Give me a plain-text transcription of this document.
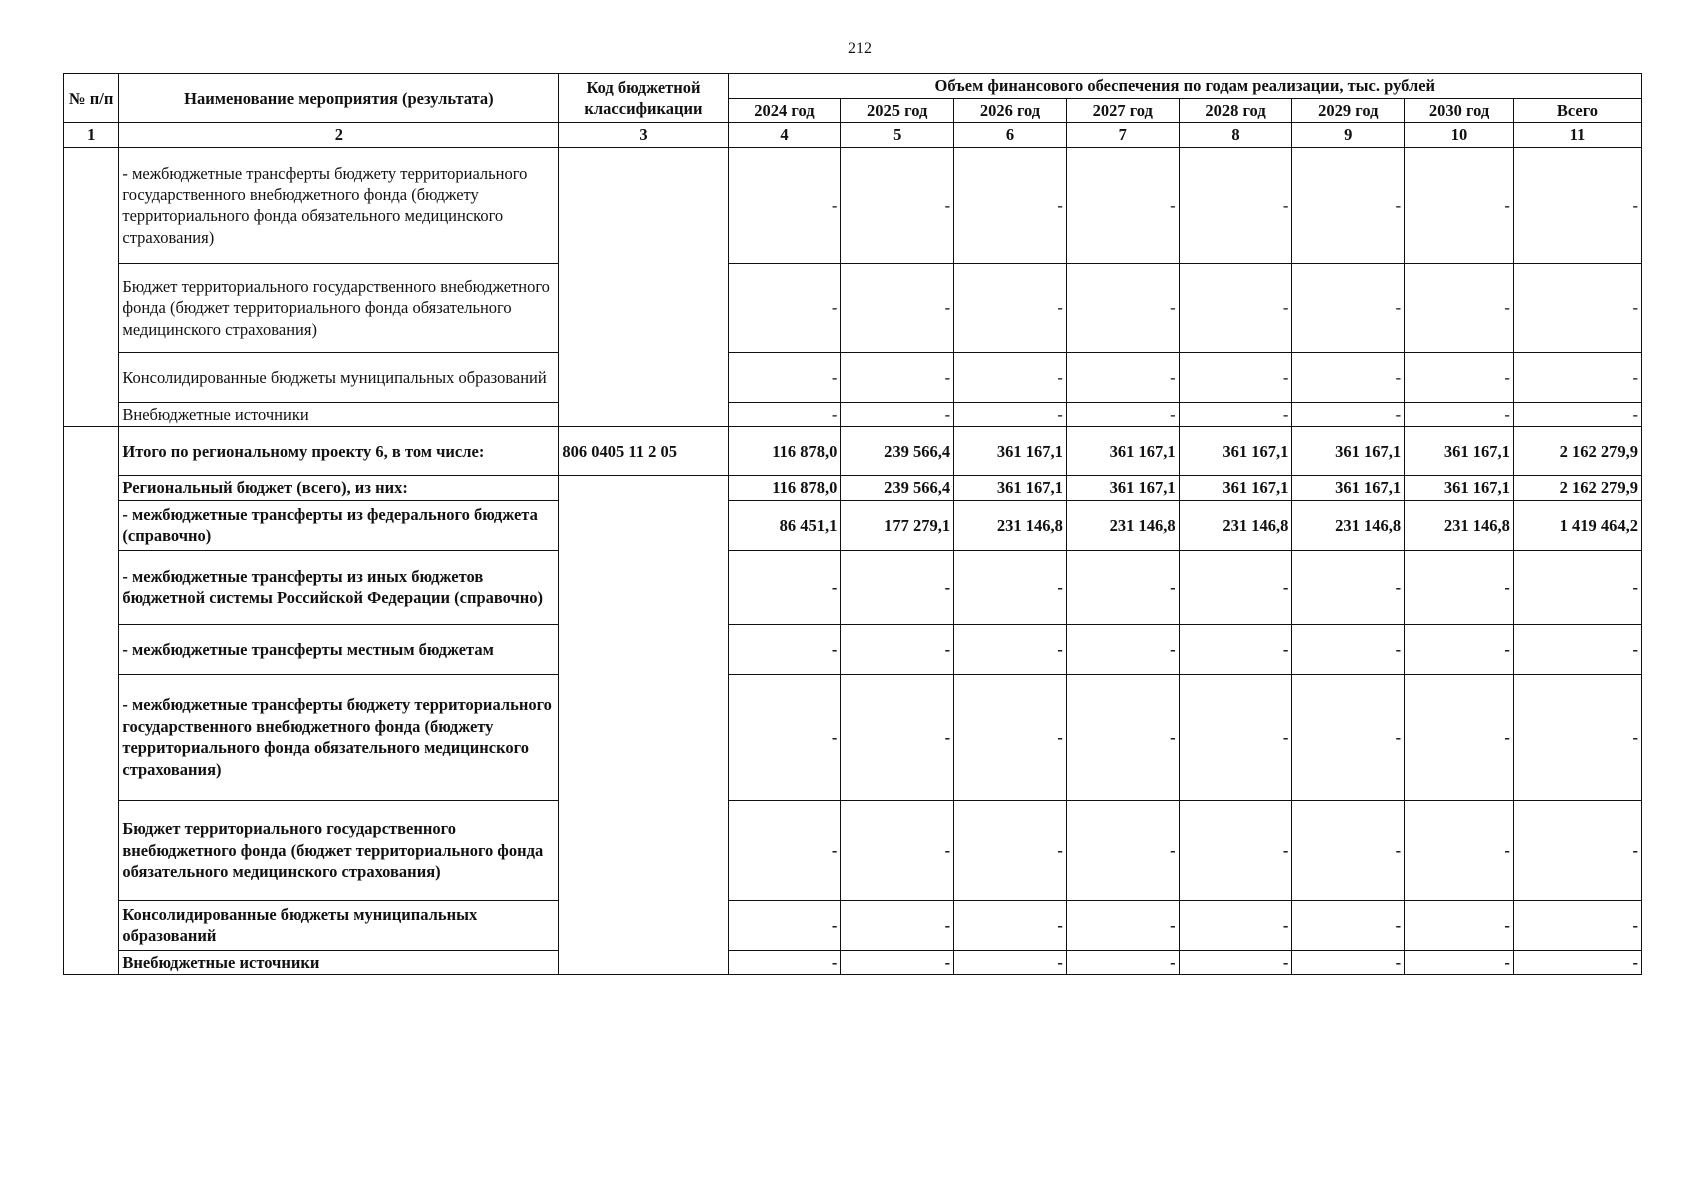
212
№ п/п	Наименование мероприятия (результата)	Код бюджетной классификации	Объем финансового обеспечения по годам реализации, тыс. рублей							
			2024 год	2025 год	2026 год	2027 год	2028 год	2029 год	2030 год	Всего
1	2	3	4	5	6	7	8	9	10	11
	- межбюджетные трансферты бюджету территориального государственного внебюджетного фонда (бюджету территориального фонда обязательного медицинского страхования)		-	-	-	-	-	-	-	-
	Бюджет территориального государственного внебюджетного фонда (бюджет территориального фонда обязательного медицинского страхования)		-	-	-	-	-	-	-	-
	Консолидированные бюджеты муниципальных образований		-	-	-	-	-	-	-	-
	Внебюджетные источники		-	-	-	-	-	-	-	-
	Итого по региональному проекту 6, в том числе:	806 0405 11 2 05	116 878,0	239 566,4	361 167,1	361 167,1	361 167,1	361 167,1	361 167,1	2 162 279,9
	Региональный бюджет (всего), из них:		116 878,0	239 566,4	361 167,1	361 167,1	361 167,1	361 167,1	361 167,1	2 162 279,9
	- межбюджетные трансферты из федерального бюджета (справочно)		86 451,1	177 279,1	231 146,8	231 146,8	231 146,8	231 146,8	231 146,8	1 419 464,2
	- межбюджетные трансферты из иных бюджетов бюджетной системы Российской Федерации (справочно)		-	-	-	-	-	-	-	-
	- межбюджетные трансферты местным бюджетам		-	-	-	-	-	-	-	-
	- межбюджетные трансферты бюджету территориального государственного внебюджетного фонда (бюджету территориального фонда обязательного медицинского страхования)		-	-	-	-	-	-	-	-
	Бюджет территориального государственного внебюджетного фонда (бюджет территориального фонда обязательного медицинского страхования)		-	-	-	-	-	-	-	-
	Консолидированные бюджеты муниципальных образований		-	-	-	-	-	-	-	-
	Внебюджетные источники		-	-	-	-	-	-	-	-
